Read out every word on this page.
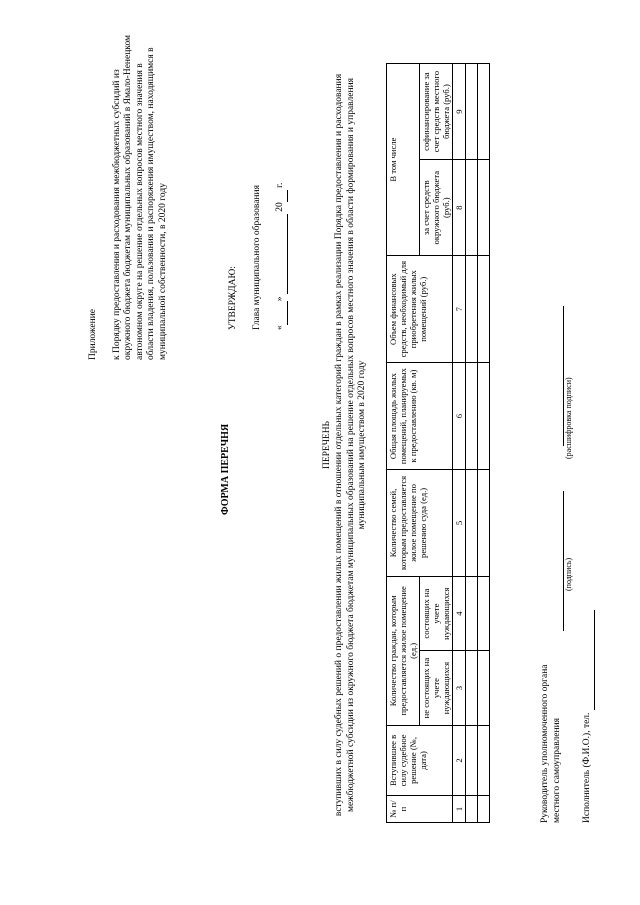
Приложение к Порядку предоставления и расходования межбюджетных субсидий из окружного бюджета бюджетам муниципальных образований в Ямало-Ненецком автономном округе на решение отдельных вопросов местного значения в области владения, пользования и распоряжения имуществом, находящимся в муниципальной собственности, в 2020 году
ФОРМА ПЕРЕЧНЯ
УТВЕРЖДАЮ: Глава муниципального образования « »   20  г.
ПЕРЕЧЕНЬ вступивших в силу судебных решений о предоставлении жилых помещений в отношении отдельных категорий граждан в рамках реализации Порядка предоставления и расходования межбюджетной субсидии из окружного бюджета бюджетам муниципальных образований на решение отдельных вопросов местного значения в области формирования и управления муниципальным имуществом в 2020 году
№ п/п	Вступившее в силу судебное решение (№, дата)	Количество граждан, которым предоставляется жилое помещение (ед.)		Количество семей, которым предоставляется жилое помещение по решению суда (ед.)	Общая площадь жилых помещений, планируемых к предоставлению (кв. м)	Объем финансовых средств, необходимый для приобретения жилых помещений (руб.)	В том числе	
		не состоящих на учете нуждающихся	состоящих на учете нуждающихся				за счет средств окружного бюджета (руб.)	софинансирование за счет средств местного бюджета (руб.)
1	2	3	4	5	6	7	8	9

Руководитель уполномоченного органа местного самоуправления
(подпись) (расшифровка подписи)
Исполнитель (Ф.И.О.), тел.
